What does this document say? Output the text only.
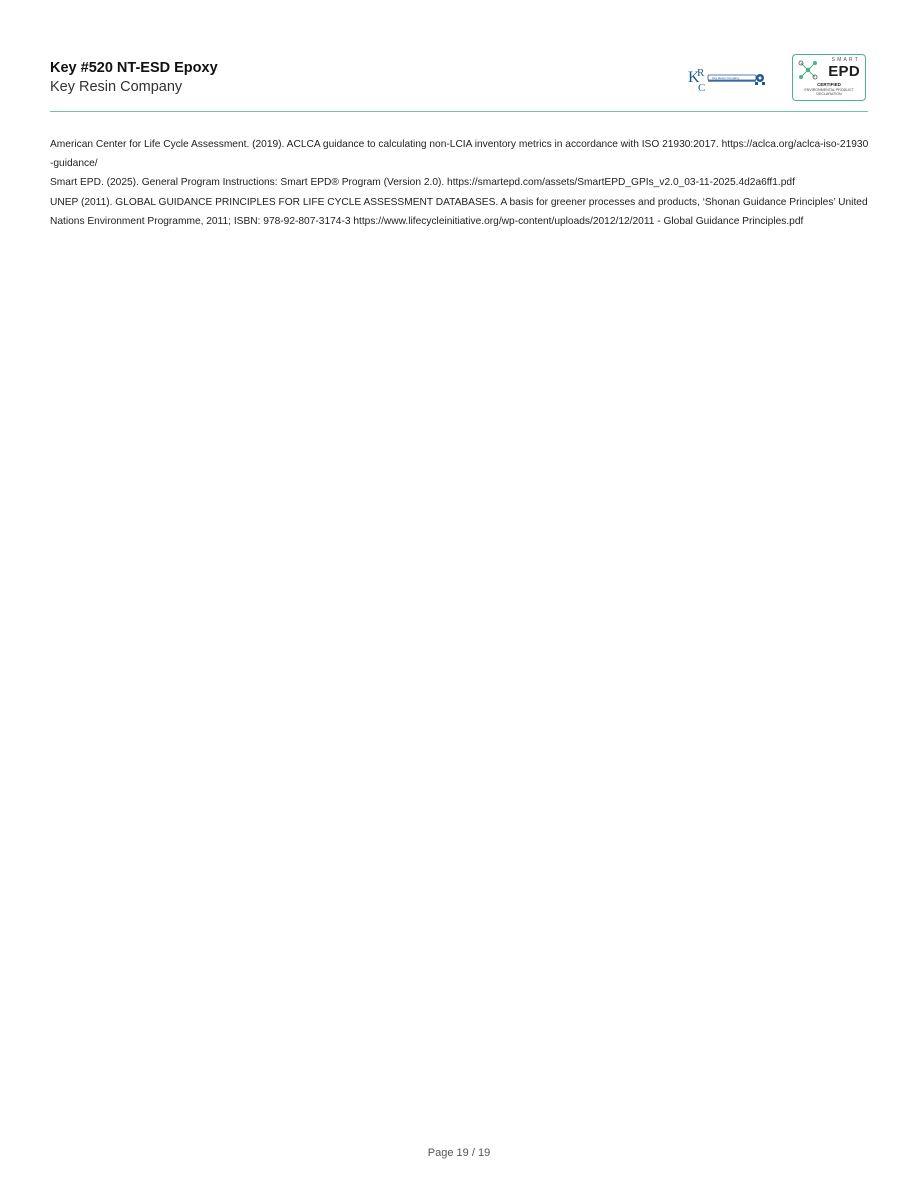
Key #520 NT-ESD Epoxy
Key Resin Company
K
R
C
Key Resin Company
SMART
EPD
CERTIFIED
ENVIRONMENTAL PRODUCT DECLARATION

American Center for Life Cycle Assessment. (2019). ACLCA guidance to calculating non-LCIA inventory metrics in accordance with ISO 21930:2017. https://aclca.org/aclca-iso-21930-guidance/

Smart EPD. (2025). General Program Instructions: Smart EPD® Program (Version 2.0). https://smartepd.com/assets/SmartEPD_GPIs_v2.0_03-11-2025.4d2a6ff1.pdf

UNEP (2011). GLOBAL GUIDANCE PRINCIPLES FOR LIFE CYCLE ASSESSMENT DATABASES. A basis for greener processes and products, ‘Shonan Guidance Principles’ United Nations Environment Programme, 2011; ISBN: 978-92-807-3174-3 https://www.lifecycleinitiative.org/wp-content/uploads/2012/12/2011 - Global Guidance Principles.pdf

Page 19 / 19
